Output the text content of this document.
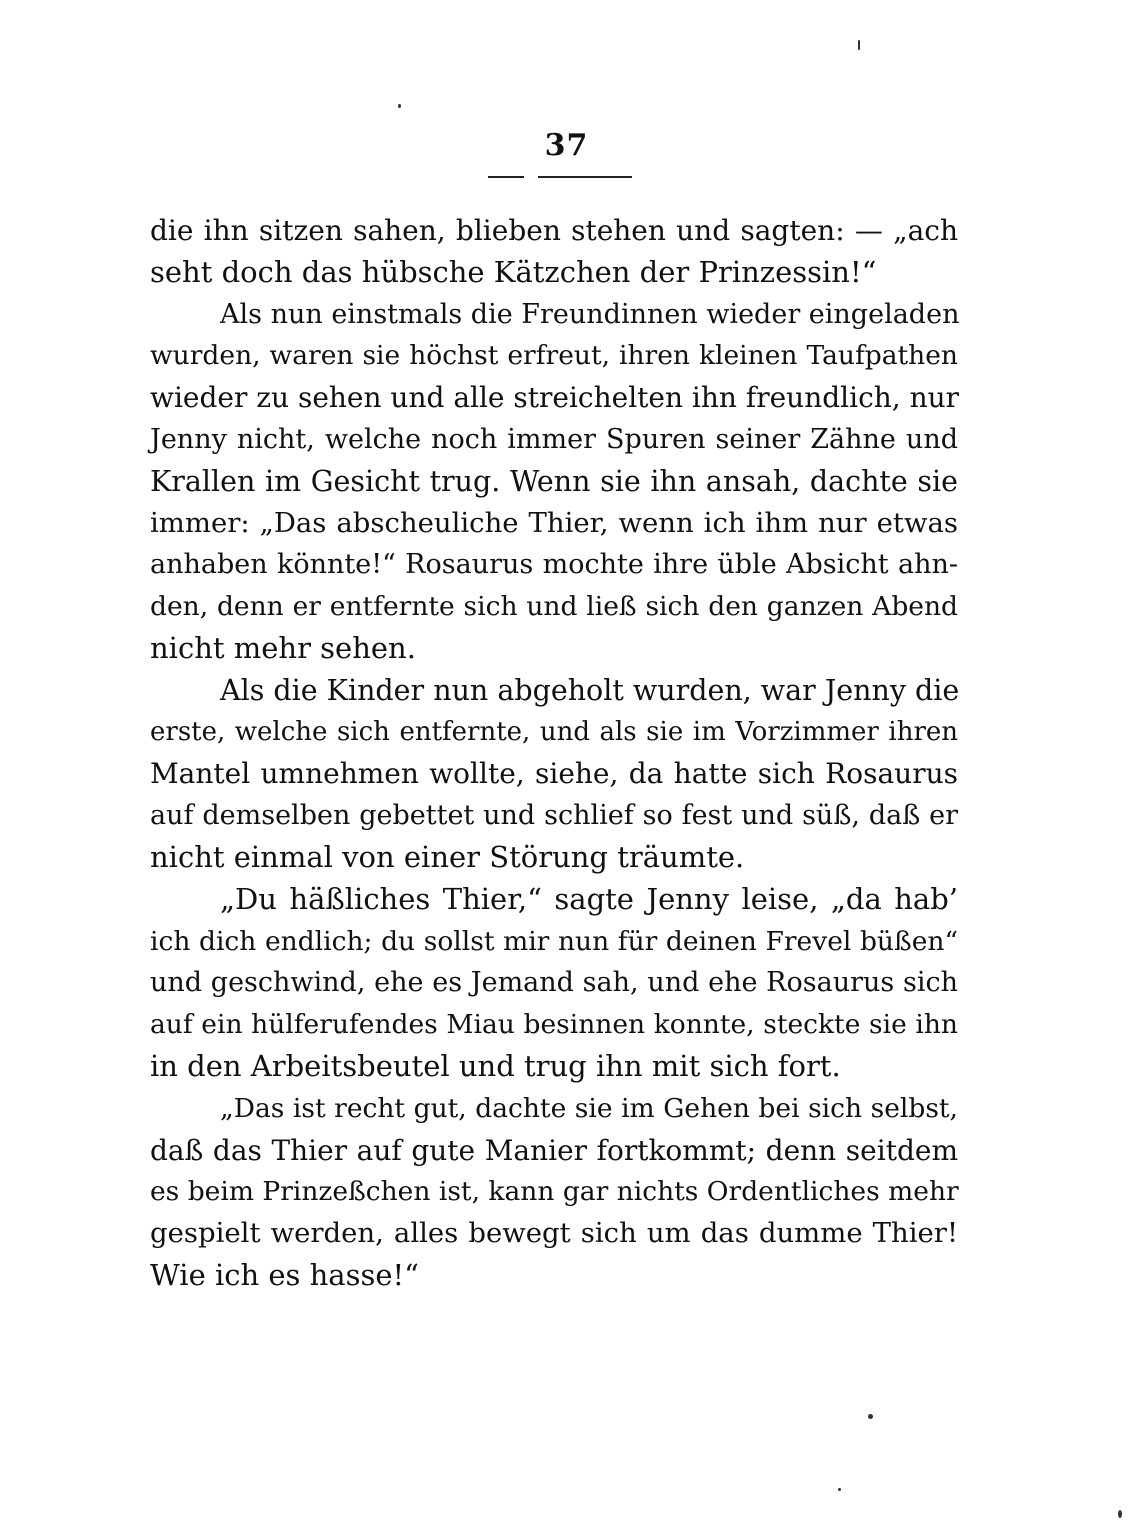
37
die ihn sitzen sahen, blieben stehen und sagten: — „ach
seht doch das hübsche Kätzchen der Prinzessin!“
Als nun einstmals die Freundinnen wieder eingeladen
wurden, waren sie höchst erfreut, ihren kleinen Taufpathen
wieder zu sehen und alle streichelten ihn freundlich, nur
Jenny nicht, welche noch immer Spuren seiner Zähne und
Krallen im Gesicht trug. Wenn sie ihn ansah, dachte sie
immer: „Das abscheuliche Thier, wenn ich ihm nur etwas
anhaben könnte!“ Rosaurus mochte ihre üble Absicht ahn-
den, denn er entfernte sich und ließ sich den ganzen Abend
nicht mehr sehen.
Als die Kinder nun abgeholt wurden, war Jenny die
erste, welche sich entfernte, und als sie im Vorzimmer ihren
Mantel umnehmen wollte, siehe, da hatte sich Rosaurus
auf demselben gebettet und schlief so fest und süß, daß er
nicht einmal von einer Störung träumte.
„Du häßliches Thier,“ sagte Jenny leise, „da hab’
ich dich endlich; du sollst mir nun für deinen Frevel büßen“
und geschwind, ehe es Jemand sah, und ehe Rosaurus sich
auf ein hülferufendes Miau besinnen konnte, steckte sie ihn
in den Arbeitsbeutel und trug ihn mit sich fort.
„Das ist recht gut, dachte sie im Gehen bei sich selbst,
daß das Thier auf gute Manier fortkommt; denn seitdem
es beim Prinzeßchen ist, kann gar nichts Ordentliches mehr
gespielt werden, alles bewegt sich um das dumme Thier!
Wie ich es hasse!“
